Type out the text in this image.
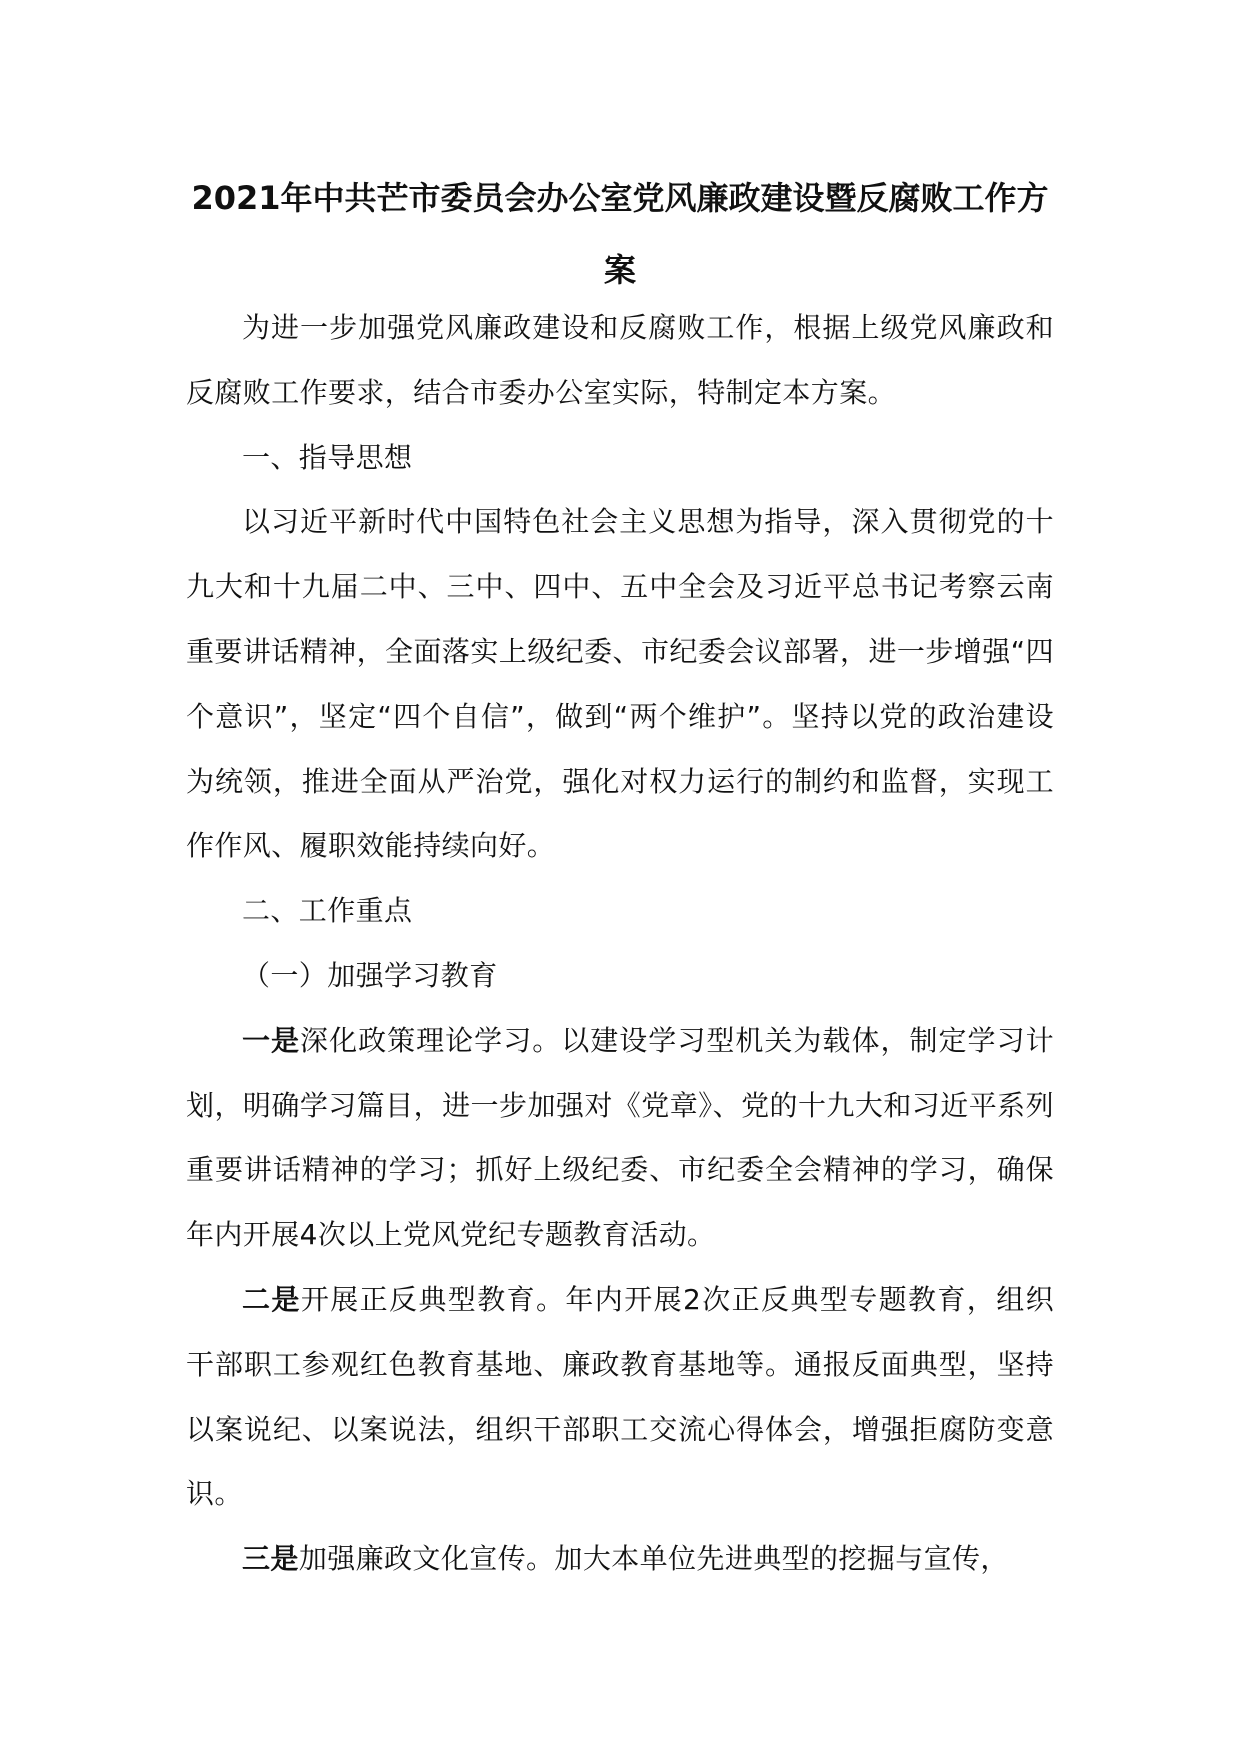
2021年中共芒市委员会办公室党风廉政建设暨反腐败工作方案

为进一步加强党风廉政建设和反腐败工作，根据上级党风廉政和反腐败工作要求，结合市委办公室实际，特制定本方案。

一、指导思想

以习近平新时代中国特色社会主义思想为指导，深入贯彻党的十九大和十九届二中、三中、四中、五中全会及习近平总书记考察云南重要讲话精神，全面落实上级纪委、市纪委会议部署，进一步增强“四个意识”，坚定“四个自信”，做到“两个维护”。坚持以党的政治建设为统领，推进全面从严治党，强化对权力运行的制约和监督，实现工作作风、履职效能持续向好。

二、工作重点

（一）加强学习教育

一是深化政策理论学习。以建设学习型机关为载体，制定学习计划，明确学习篇目，进一步加强对《党章》、党的十九大和习近平系列重要讲话精神的学习；抓好上级纪委、市纪委全会精神的学习，确保年内开展4次以上党风党纪专题教育活动。

二是开展正反典型教育。年内开展2次正反典型专题教育，组织干部职工参观红色教育基地、廉政教育基地等。通报反面典型，坚持以案说纪、以案说法，组织干部职工交流心得体会，增强拒腐防变意识。

三是加强廉政文化宣传。加大本单位先进典型的挖掘与宣传，
